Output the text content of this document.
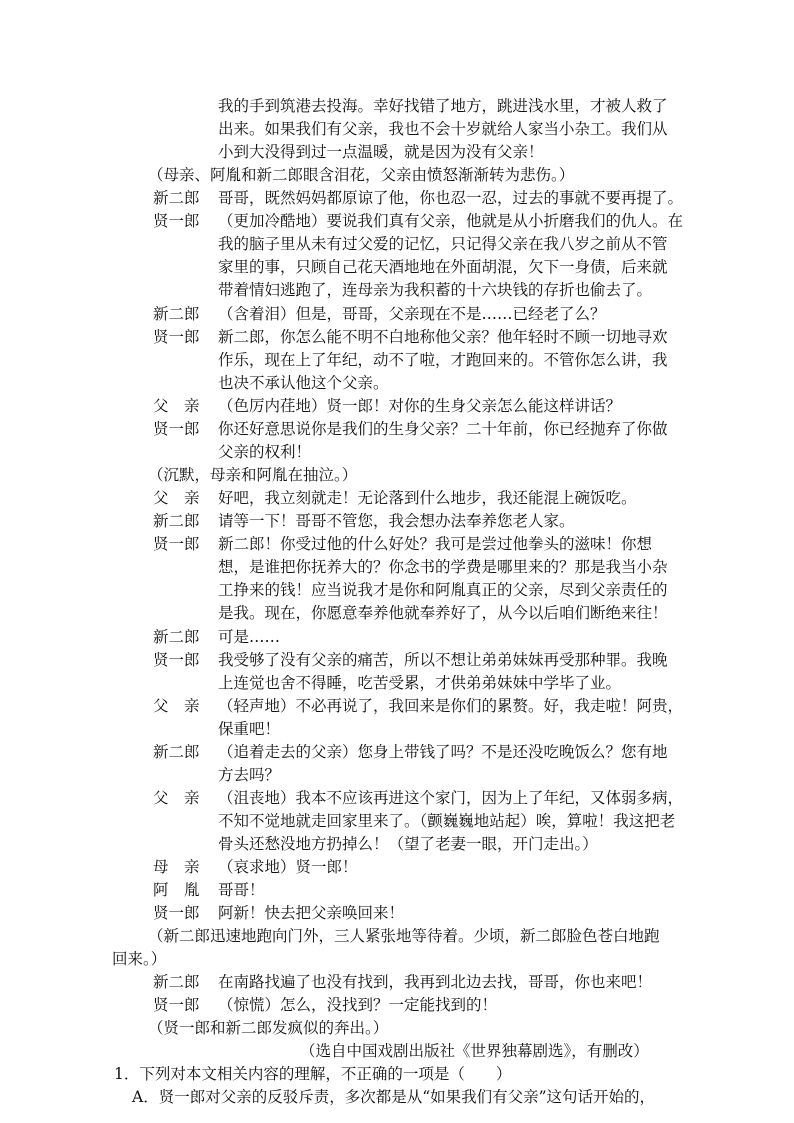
我的手到筑港去投海。幸好找错了地方，跳进浅水里，才被人救了
出来。如果我们有父亲，我也不会十岁就给人家当小杂工。我们从
小到大没得到过一点温暖，就是因为没有父亲！
（母亲、阿胤和新二郎眼含泪花，父亲由愤怒渐渐转为悲伤。）
新二郎 哥哥，既然妈妈都原谅了他，你也忍一忍，过去的事就不要再提了。
贤一郎 （更加冷酷地）要说我们真有父亲，他就是从小折磨我们的仇人。在
我的脑子里从未有过父爱的记忆，只记得父亲在我八岁之前从不管
家里的事，只顾自己花天酒地地在外面胡混，欠下一身债，后来就
带着情妇逃跑了，连母亲为我积蓄的十六块钱的存折也偷去了。
新二郎 （含着泪）但是，哥哥，父亲现在不是……已经老了么？
贤一郎 新二郎，你怎么能不明不白地称他父亲？他年轻时不顾一切地寻欢
作乐，现在上了年纪，动不了啦，才跑回来的。不管你怎么讲，我
也决不承认他这个父亲。
父　亲 （色厉内荏地）贤一郎！对你的生身父亲怎么能这样讲话？
贤一郎 你还好意思说你是我们的生身父亲？二十年前，你已经抛弃了你做
父亲的权利！
（沉默，母亲和阿胤在抽泣。）
父　亲 好吧，我立刻就走！无论落到什么地步，我还能混上碗饭吃。
新二郎 请等一下！哥哥不管您，我会想办法奉养您老人家。
贤一郎 新二郎！你受过他的什么好处？我可是尝过他拳头的滋味！你想
想，是谁把你抚养大的？你念书的学费是哪里来的？那是我当小杂
工挣来的钱！应当说我才是你和阿胤真正的父亲，尽到父亲责任的
是我。现在，你愿意奉养他就奉养好了，从今以后咱们断绝来往！
新二郎 可是……
贤一郎 我受够了没有父亲的痛苦，所以不想让弟弟妹妹再受那种罪。我晚
上连觉也舍不得睡，吃苦受累，才供弟弟妹妹中学毕了业。
父　亲 （轻声地）不必再说了，我回来是你们的累赘。好，我走啦！阿贵，
保重吧！
新二郎 （追着走去的父亲）您身上带钱了吗？不是还没吃晚饭么？您有地
方去吗？
父　亲 （沮丧地）我本不应该再进这个家门，因为上了年纪，又体弱多病，
不知不觉地就走回家里来了。（颤巍巍地站起）唉，算啦！我这把老
骨头还愁没地方扔掉么！（望了老妻一眼，开门走出。）
母　亲 （哀求地）贤一郎！
阿　胤 哥哥！
贤一郎 阿新！快去把父亲唤回来！
（新二郎迅速地跑向门外，三人紧张地等待着。少顷，新二郎脸色苍白地跑
回来。）
新二郎 在南路找遍了也没有找到，我再到北边去找，哥哥，你也来吧！
贤一郎 （惊慌）怎么，没找到？一定能找到的！
（贤一郎和新二郎发疯似的奔出。）
（选自中国戏剧出版社《世界独幕剧选》，有删改）
1．下列对本文相关内容的理解，不正确的一项是（　　）
A．贤一郎对父亲的反驳斥责，多次都是从“如果我们有父亲”这句话开始的，
